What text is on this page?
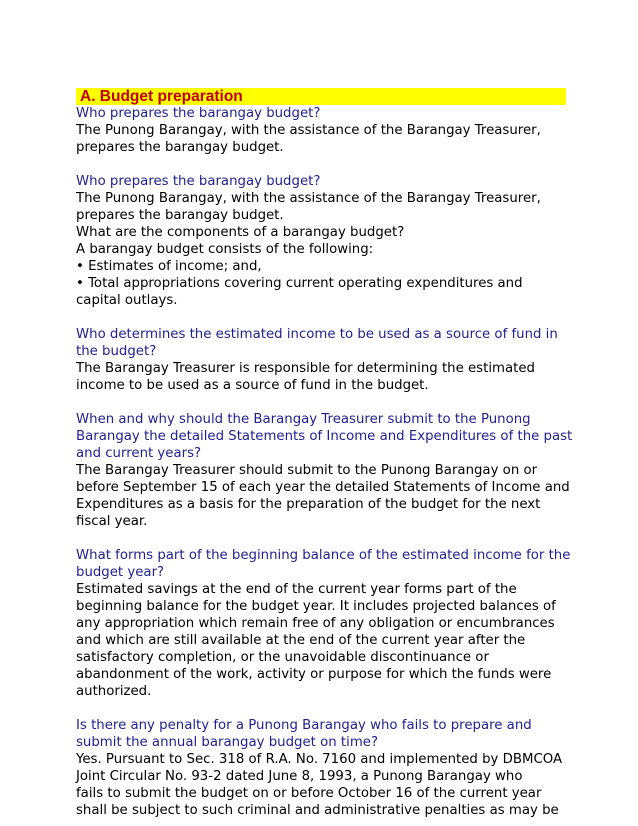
A. Budget preparation
Who prepares the barangay budget?
The Punong Barangay, with the assistance of the Barangay Treasurer,
prepares the barangay budget.
Who prepares the barangay budget?
The Punong Barangay, with the assistance of the Barangay Treasurer,
prepares the barangay budget.
What are the components of a barangay budget?
A barangay budget consists of the following:
• Estimates of income; and,
• Total appropriations covering current operating expenditures and
capital outlays.
Who determines the estimated income to be used as a source of fund in
the budget?
The Barangay Treasurer is responsible for determining the estimated
income to be used as a source of fund in the budget.
When and why should the Barangay Treasurer submit to the Punong
Barangay the detailed Statements of Income and Expenditures of the past
and current years?
The Barangay Treasurer should submit to the Punong Barangay on or
before September 15 of each year the detailed Statements of Income and
Expenditures as a basis for the preparation of the budget for the next
fiscal year.
What forms part of the beginning balance of the estimated income for the
budget year?
Estimated savings at the end of the current year forms part of the
beginning balance for the budget year. It includes projected balances of
any appropriation which remain free of any obligation or encumbrances
and which are still available at the end of the current year after the
satisfactory completion, or the unavoidable discontinuance or
abandonment of the work, activity or purpose for which the funds were
authorized.
Is there any penalty for a Punong Barangay who fails to prepare and
submit the annual barangay budget on time?
Yes. Pursuant to Sec. 318 of R.A. No. 7160 and implemented by DBMCOA
Joint Circular No. 93-2 dated June 8, 1993, a Punong Barangay who
fails to submit the budget on or before October 16 of the current year
shall be subject to such criminal and administrative penalties as may be
